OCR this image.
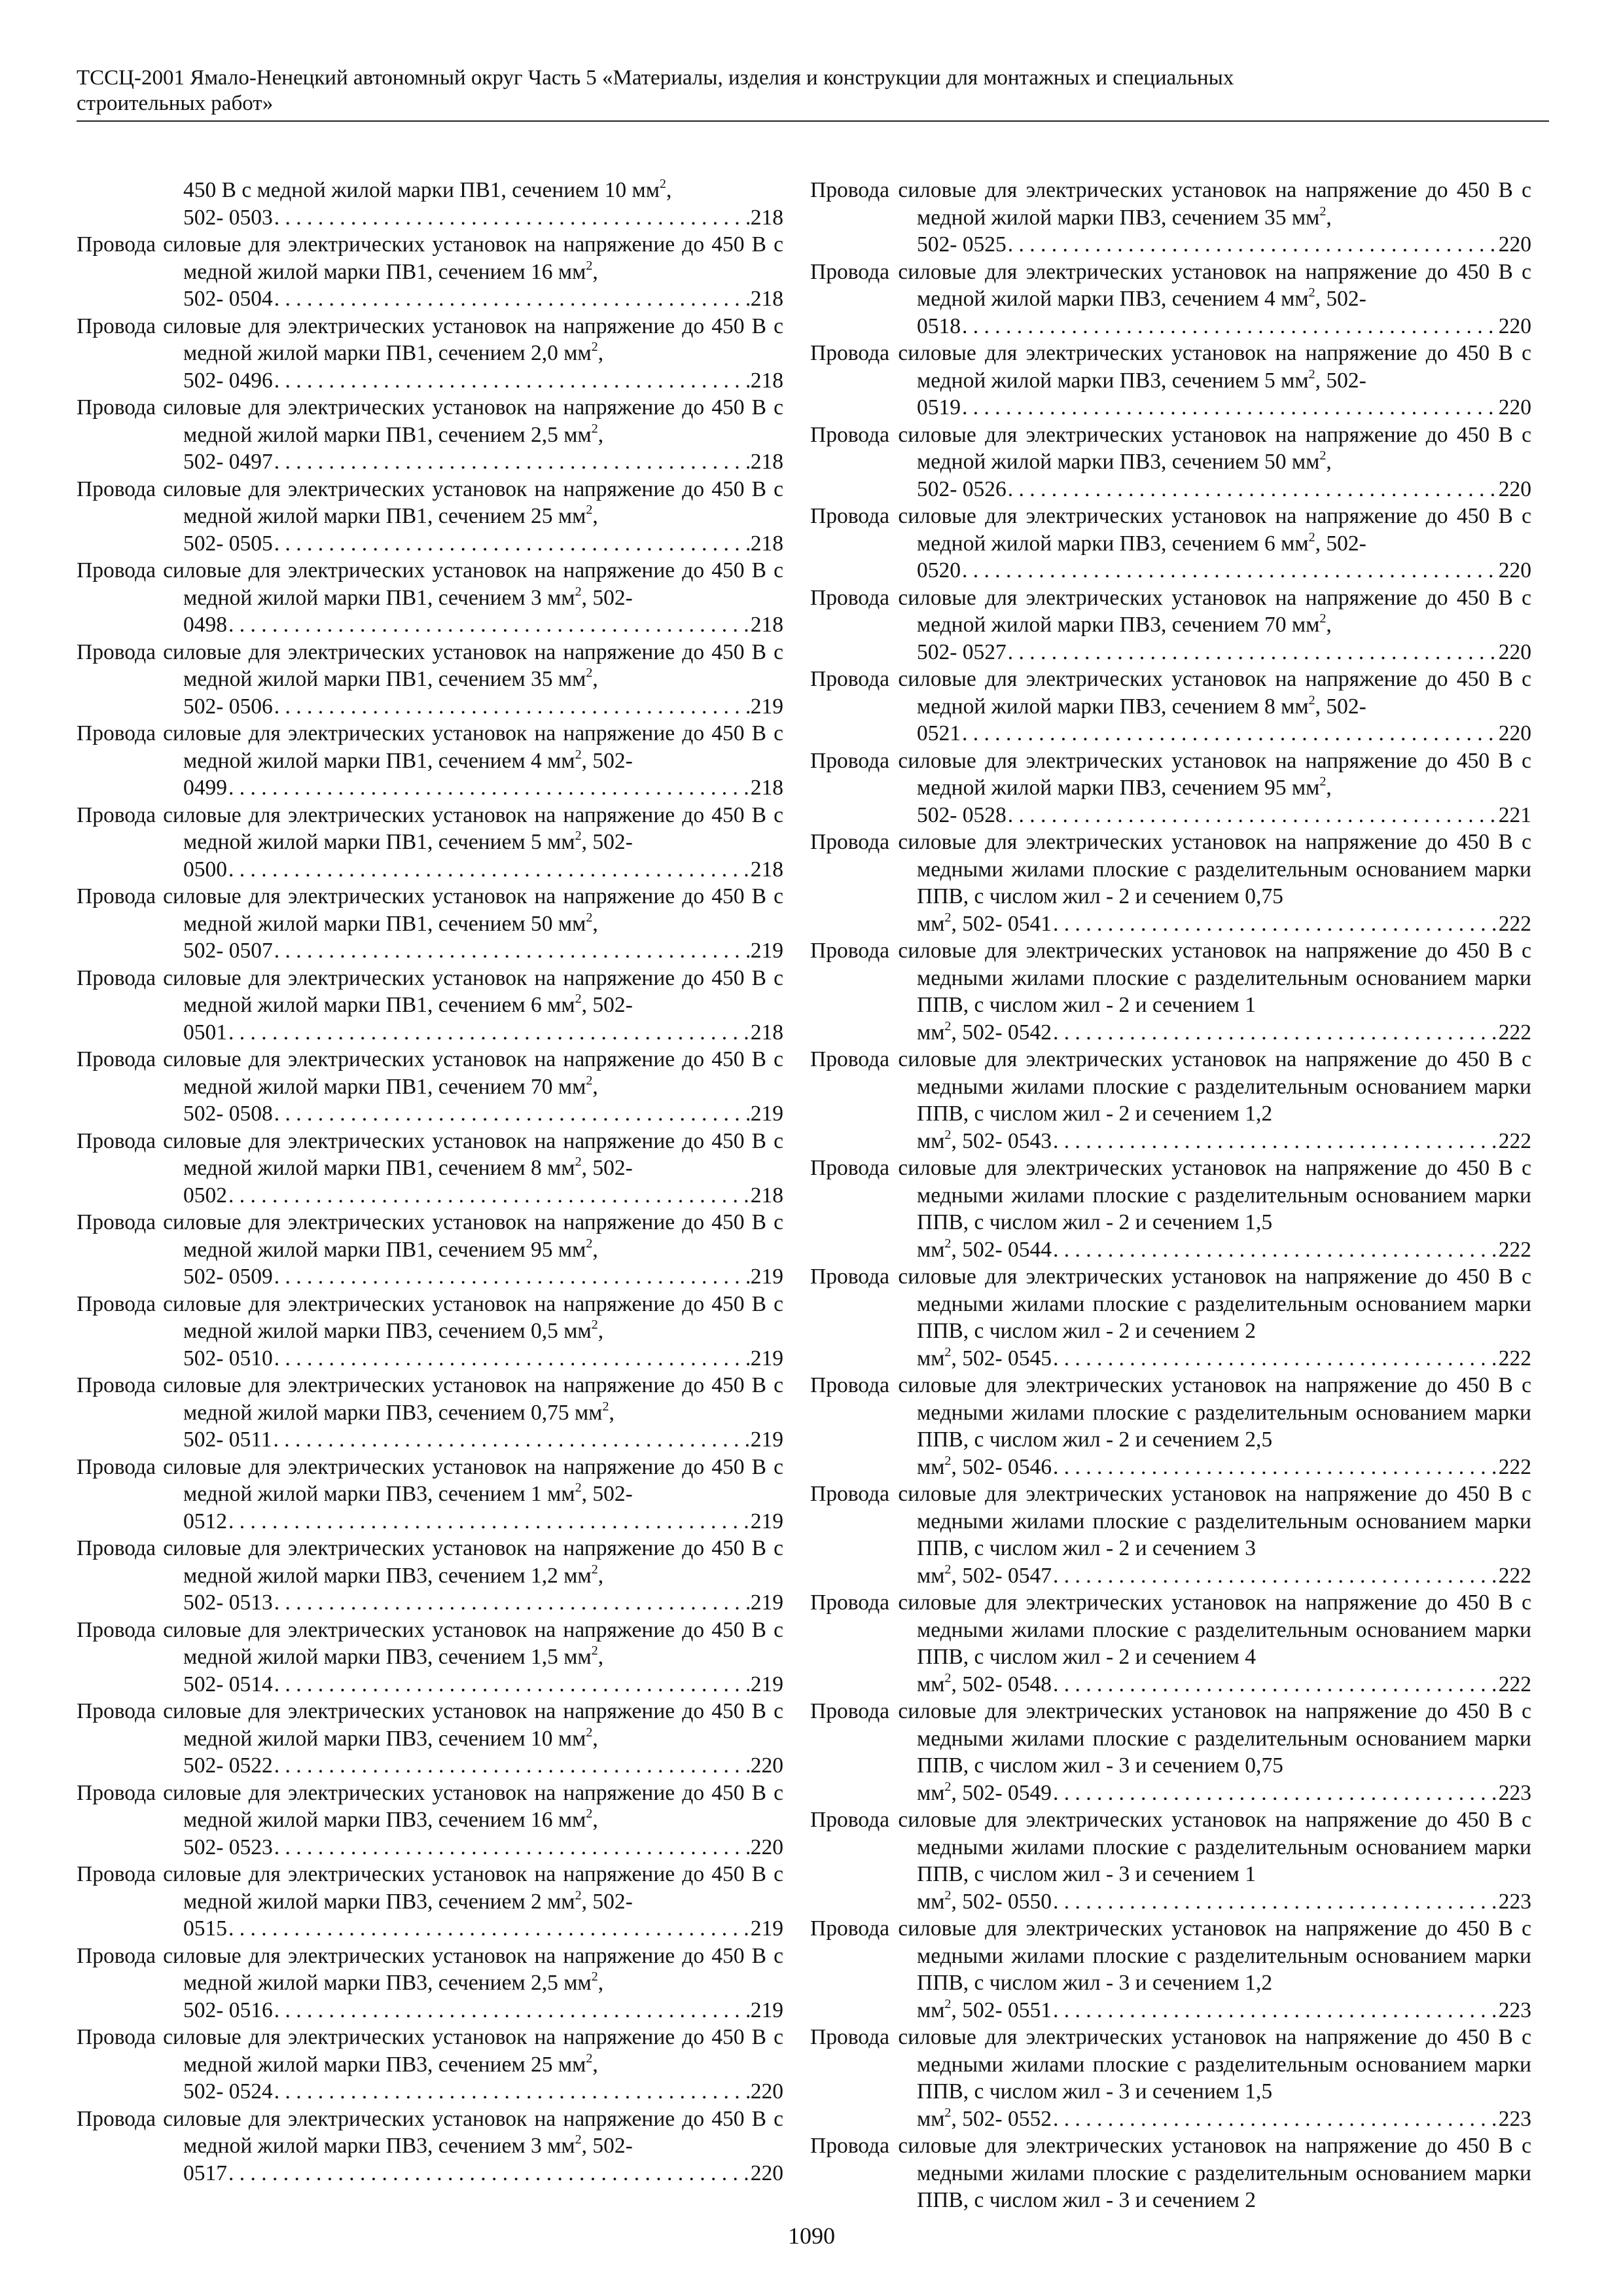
ТССЦ-2001 Ямало-Ненецкий автономный округ Часть 5 «Материалы, изделия и конструкции для монтажных и специальных
строительных работ»
450 В с медной жилой марки ПВ1, сечением 10 $мм^2$,
502- 0503 . . .	218
Провода силовые для электрических установок на напряжение до 450 В с медной жилой марки ПВ1, сечением 16 $мм^2$,
502- 0504 . . .	218
Провода силовые для электрических установок на напряжение до 450 В с медной жилой марки ПВ1, сечением 2,0 $мм^2$,
502- 0496 . . .	218
Провода силовые для электрических установок на напряжение до 450 В с медной жилой марки ПВ1, сечением 2,5 $мм^2$,
502- 0497 . . .	218
Провода силовые для электрических установок на напряжение до 450 В с медной жилой марки ПВ1, сечением 25 $мм^2$,
502- 0505 . . .	218
Провода силовые для электрических установок на напряжение до 450 В с медной жилой марки ПВ1, сечением 3 $мм^2$, 502-
0498 . . .	218
Провода силовые для электрических установок на напряжение до 450 В с медной жилой марки ПВ1, сечением 35 $мм^2$,
502- 0506 . . .	219
Провода силовые для электрических установок на напряжение до 450 В с медной жилой марки ПВ1, сечением 4 $мм^2$, 502-
0499 . . .	218
Провода силовые для электрических установок на напряжение до 450 В с медной жилой марки ПВ1, сечением 5 $мм^2$, 502-
0500 . . .	218
Провода силовые для электрических установок на напряжение до 450 В с медной жилой марки ПВ1, сечением 50 $мм^2$,
502- 0507 . . .	219
Провода силовые для электрических установок на напряжение до 450 В с медной жилой марки ПВ1, сечением 6 $мм^2$, 502-
0501 . . .	218
Провода силовые для электрических установок на напряжение до 450 В с медной жилой марки ПВ1, сечением 70 $мм^2$,
502- 0508 . . .	219
Провода силовые для электрических установок на напряжение до 450 В с медной жилой марки ПВ1, сечением 8 $мм^2$, 502-
0502 . . .	218
Провода силовые для электрических установок на напряжение до 450 В с медной жилой марки ПВ1, сечением 95 $мм^2$,
502- 0509 . . .	219
Провода силовые для электрических установок на напряжение до 450 В с медной жилой марки ПВ3, сечением 0,5 $мм^2$,
502- 0510 . . .	219
Провода силовые для электрических установок на напряжение до 450 В с медной жилой марки ПВ3, сечением 0,75 $мм^2$,
502- 0511 . . .	219
Провода силовые для электрических установок на напряжение до 450 В с медной жилой марки ПВ3, сечением 1 $мм^2$, 502-
0512 . . .	219
Провода силовые для электрических установок на напряжение до 450 В с медной жилой марки ПВ3, сечением 1,2 $мм^2$,
502- 0513 . . .	219
Провода силовые для электрических установок на напряжение до 450 В с медной жилой марки ПВ3, сечением 1,5 $мм^2$,
502- 0514 . . .	219
Провода силовые для электрических установок на напряжение до 450 В с медной жилой марки ПВ3, сечением 10 $мм^2$,
502- 0522 . . .	220
Провода силовые для электрических установок на напряжение до 450 В с медной жилой марки ПВ3, сечением 16 $мм^2$,
502- 0523 . . .	220
Провода силовые для электрических установок на напряжение до 450 В с медной жилой марки ПВ3, сечением 2 $мм^2$, 502-
0515 . . .	219
Провода силовые для электрических установок на напряжение до 450 В с медной жилой марки ПВ3, сечением 2,5 $мм^2$,
502- 0516 . . .	219
Провода силовые для электрических установок на напряжение до 450 В с медной жилой марки ПВ3, сечением 25 $мм^2$,
502- 0524 . . .	220
Провода силовые для электрических установок на напряжение до 450 В с медной жилой марки ПВ3, сечением 3 $мм^2$, 502-
0517 . . .	220
Провода силовые для электрических установок на напряжение до 450 В с медной жилой марки ПВ3, сечением 35 $мм^2$,
502- 0525 . . .	220
Провода силовые для электрических установок на напряжение до 450 В с медной жилой марки ПВ3, сечением 4 $мм^2$, 502-
0518 . . .	220
Провода силовые для электрических установок на напряжение до 450 В с медной жилой марки ПВ3, сечением 5 $мм^2$, 502-
0519 . . .	220
Провода силовые для электрических установок на напряжение до 450 В с медной жилой марки ПВ3, сечением 50 $мм^2$,
502- 0526 . . .	220
Провода силовые для электрических установок на напряжение до 450 В с медной жилой марки ПВ3, сечением 6 $мм^2$, 502-
0520 . . .	220
Провода силовые для электрических установок на напряжение до 450 В с медной жилой марки ПВ3, сечением 70 $мм^2$,
502- 0527 . . .	220
Провода силовые для электрических установок на напряжение до 450 В с медной жилой марки ПВ3, сечением 8 $мм^2$, 502-
0521 . . .	220
Провода силовые для электрических установок на напряжение до 450 В с медной жилой марки ПВ3, сечением 95 $мм^2$,
502- 0528 . . .	221
Провода силовые для электрических установок на напряжение до 450 В с медными жилами плоские с разделительным основанием марки ППВ, с числом жил - 2 и сечением 0,75
$мм^2$, 502- 0541 . . .	222
Провода силовые для электрических установок на напряжение до 450 В с медными жилами плоские с разделительным основанием марки ППВ, с числом жил - 2 и сечением 1
$мм^2$, 502- 0542 . . .	222
Провода силовые для электрических установок на напряжение до 450 В с медными жилами плоские с разделительным основанием марки ППВ, с числом жил - 2 и сечением 1,2
$мм^2$, 502- 0543 . . .	222
Провода силовые для электрических установок на напряжение до 450 В с медными жилами плоские с разделительным основанием марки ППВ, с числом жил - 2 и сечением 1,5
$мм^2$, 502- 0544 . . .	222
Провода силовые для электрических установок на напряжение до 450 В с медными жилами плоские с разделительным основанием марки ППВ, с числом жил - 2 и сечением 2
$мм^2$, 502- 0545 . . .	222
Провода силовые для электрических установок на напряжение до 450 В с медными жилами плоские с разделительным основанием марки ППВ, с числом жил - 2 и сечением 2,5
$мм^2$, 502- 0546 . . .	222
Провода силовые для электрических установок на напряжение до 450 В с медными жилами плоские с разделительным основанием марки ППВ, с числом жил - 2 и сечением 3
$мм^2$, 502- 0547 . . .	222
Провода силовые для электрических установок на напряжение до 450 В с медными жилами плоские с разделительным основанием марки ППВ, с числом жил - 2 и сечением 4
$мм^2$, 502- 0548 . . .	222
Провода силовые для электрических установок на напряжение до 450 В с медными жилами плоские с разделительным основанием марки ППВ, с числом жил - 3 и сечением 0,75
$мм^2$, 502- 0549 . . .	223
Провода силовые для электрических установок на напряжение до 450 В с медными жилами плоские с разделительным основанием марки ППВ, с числом жил - 3 и сечением 1
$мм^2$, 502- 0550 . . .	223
Провода силовые для электрических установок на напряжение до 450 В с медными жилами плоские с разделительным основанием марки ППВ, с числом жил - 3 и сечением 1,2
$мм^2$, 502- 0551 . . .	223
Провода силовые для электрических установок на напряжение до 450 В с медными жилами плоские с разделительным основанием марки ППВ, с числом жил - 3 и сечением 1,5
$мм^2$, 502- 0552 . . .	223
Провода силовые для электрических установок на напряжение до 450 В с медными жилами плоские с разделительным основанием марки ППВ, с числом жил - 3 и сечением 2
1090
